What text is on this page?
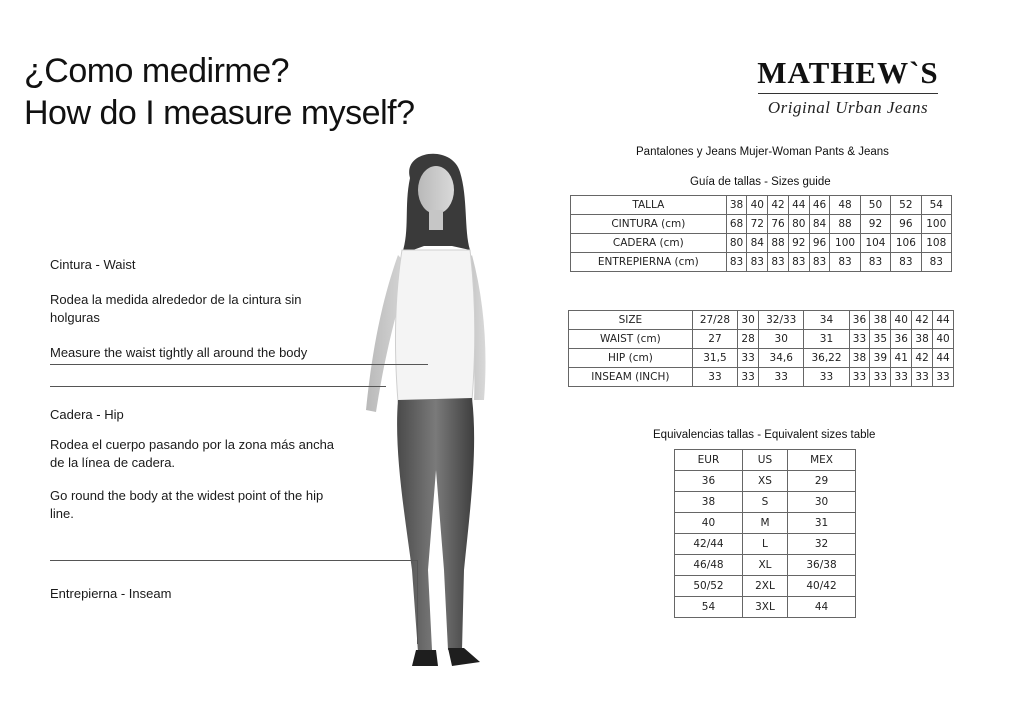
¿Como medirme?
How do I measure myself?
MATHEW`S
Original Urban Jeans
Cintura - Waist
Rodea la medida alrededor de la cintura sin holguras
Measure the waist tightly all around the body
Cadera - Hip
Rodea el cuerpo pasando por la zona más ancha de la línea de cadera.
Go round the body at the widest point of the hip line.
Entrepierna - Inseam
Pantalones y Jeans Mujer-Woman Pants & Jeans
Guía de tallas - Sizes guide
Equivalencias tallas - Equivalent sizes table
TALLA	38	40	42	44	46	48	50	52	54
CINTURA (cm)	68	72	76	80	84	88	92	96	100
CADERA (cm)	80	84	88	92	96	100	104	106	108
ENTREPIERNA (cm)	83	83	83	83	83	83	83	83	83
SIZE	27/28	30	32/33	34	36	38	40	42	44
WAIST (cm)	27	28	30	31	33	35	36	38	40
HIP (cm)	31,5	33	34,6	36,22	38	39	41	42	44
INSEAM (INCH)	33	33	33	33	33	33	33	33	33
EUR	US	MEX
36	XS	29
38	S	30
40	M	31
42/44	L	32
46/48	XL	36/38
50/52	2XL	40/42
54	3XL	44
